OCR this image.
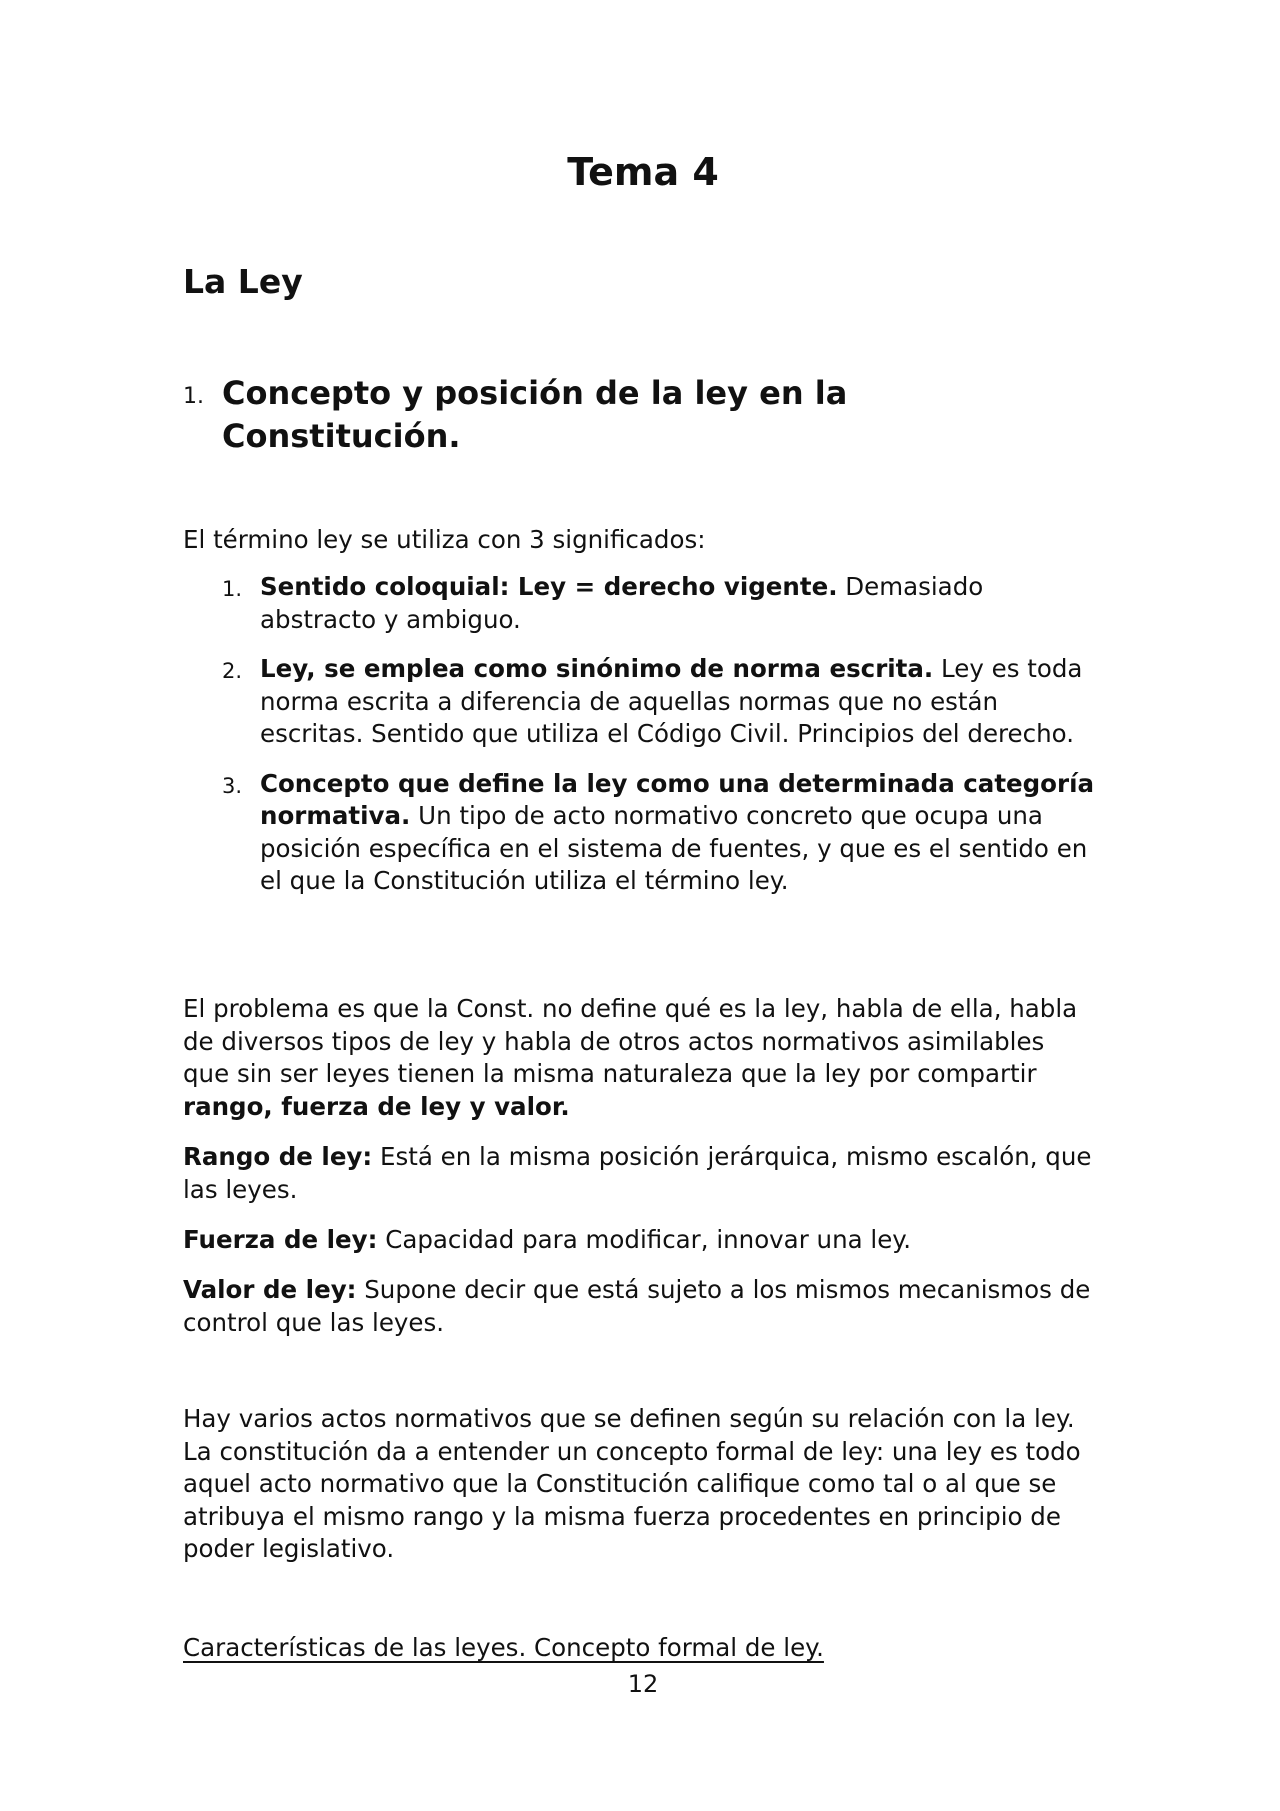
Tema 4
La Ley
1. Concepto y posición de la ley en la
Constitución.

El término ley se utiliza con 3 significados:

1. Sentido coloquial: Ley = derecho vigente. Demasiado abstracto y ambiguo.
2. Ley, se emplea como sinónimo de norma escrita. Ley es toda norma escrita a diferencia de aquellas normas que no están escritas. Sentido que utiliza el Código Civil. Principios del derecho.
3. Concepto que define la ley como una determinada categoría normativa. Un tipo de acto normativo concreto que ocupa una posición específica en el sistema de fuentes, y que es el sentido en el que la Constitución utiliza el término ley.

El problema es que la Const. no define qué es la ley, habla de ella, habla de diversos tipos de ley y habla de otros actos normativos asimilables que sin ser leyes tienen la misma naturaleza que la ley por compartir rango, fuerza de ley y valor.

Rango de ley: Está en la misma posición jerárquica, mismo escalón, que las leyes.

Fuerza de ley: Capacidad para modificar, innovar una ley.

Valor de ley: Supone decir que está sujeto a los mismos mecanismos de control que las leyes.

Hay varios actos normativos que se definen según su relación con la ley. La constitución da a entender un concepto formal de ley: una ley es todo aquel acto normativo que la Constitución califique como tal o al que se atribuya el mismo rango y la misma fuerza procedentes en principio de poder legislativo.

Características de las leyes. Concepto formal de ley.
12
